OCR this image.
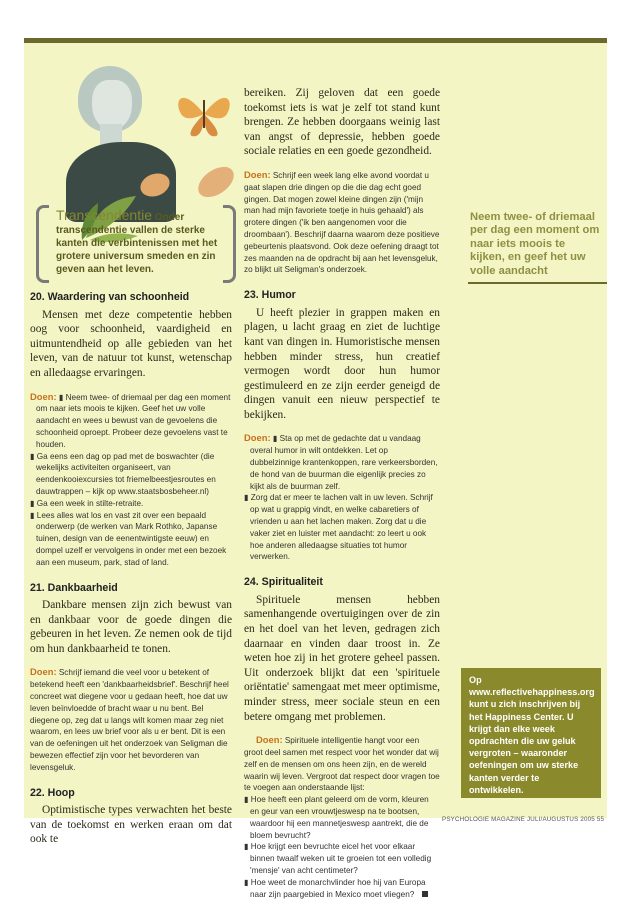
Transcendentie Onder transcendentie vallen de sterke kanten die verbintenissen met het grotere universum smeden en zin geven aan het leven.
20. Waardering van schoonheid

Mensen met deze competentie hebben oog voor schoonheid, vaardigheid en uitmuntendheid op alle gebieden van het leven, van de natuur tot kunst, wetenschap en alledaagse ervaringen.

Doen: ▮ Neem twee- of driemaal per dag een moment om naar iets moois te kijken. Geef het uw volle aandacht en wees u bewust van de gevoelens die schoonheid oproept. Probeer deze gevoelens vast te houden.

▮ Ga eens een dag op pad met de boswachter (die wekelijks activiteiten organiseert, van eendenkooiexcursies tot friemelbeestjesroutes en dauwtrappen – kijk op www.staatsbosbeheer.nl)

▮ Ga een week in stilte-retraite.

▮ Lees alles wat los en vast zit over een bepaald onderwerp (de werken van Mark Rothko, Japanse tuinen, design van de eenentwintigste eeuw) en dompel uzelf er vervolgens in onder met een bezoek aan een museum, park, stad of land.

21. Dankbaarheid

Dankbare mensen zijn zich bewust van en dankbaar voor de goede dingen die gebeuren in het leven. Ze nemen ook de tijd om hun dankbaarheid te tonen.

Doen: Schrijf iemand die veel voor u betekent of betekend heeft een 'dankbaarheidsbrief'. Beschrijf heel concreet wat diegene voor u gedaan heeft, hoe dat uw leven beïnvloedde of bracht waar u nu bent. Bel diegene op, zeg dat u langs wilt komen maar zeg niet waarom, en lees uw brief voor als u er bent. Dit is een van de oefeningen uit het onderzoek van Seligman die bewezen effectief zijn voor het bevorderen van levensgeluk.
22. Hoop

Optimistische types verwachten het beste van de toekomst en werken eraan om dat ook te

bereiken. Zij geloven dat een goede toekomst iets is wat je zelf tot stand kunt brengen. Ze hebben doorgaans weinig last van angst of depressie, hebben goede sociale relaties en een goede gezondheid.

Doen: Schrijf een week lang elke avond voordat u gaat slapen drie dingen op die die dag echt goed gingen. Dat mogen zowel kleine dingen zijn ('mijn man had mijn favoriete toetje in huis gehaald') als grotere dingen ('ik ben aangenomen voor die droombaan'). Beschrijf daarna waarom deze positieve gebeurtenis plaatsvond. Ook deze oefening draagt tot zes maanden na de opdracht bij aan het levensgeluk, zo blijkt uit Seligman's onderzoek.
23. Humor

U heeft plezier in grappen maken en plagen, u lacht graag en ziet de luchtige kant van dingen in. Humoristische mensen hebben minder stress, hun creatief vermogen wordt door hun humor gestimuleerd en ze zijn eerder geneigd de dingen vanuit een nieuw perspectief te bekijken.

Doen: ▮ Sta op met de gedachte dat u vandaag overal humor in wilt ontdekken. Let op dubbelzinnige krantenkoppen, rare verkeersborden, de hond van de buurman die eigenlijk precies zo kijkt als de buurman zelf.

▮ Zorg dat er meer te lachen valt in uw leven. Schrijf op wat u grappig vindt, en welke cabaretiers of vrienden u aan het lachen maken. Zorg dat u die vaker ziet en luister met aandacht: zo leert u ook hoe anderen alledaagse situaties tot humor verwerken.

24. Spiritualiteit

Spirituele mensen hebben samenhangende overtuigingen over de zin en het doel van het leven, gedragen zich daarnaar en vinden daar troost in. Ze weten hoe zij in het grotere geheel passen. Uit onderzoek blijkt dat een 'spirituele oriëntatie' samengaat met meer optimisme, minder stress, meer sociale steun en een betere omgang met problemen.

Doen: Spirituele intelligentie hangt voor een groot deel samen met respect voor het wonder dat wij zelf en de mensen om ons heen zijn, en de wereld waarin wij leven. Vergroot dat respect door vragen toe te voegen aan onderstaande lijst:

▮ Hoe heeft een plant geleerd om de vorm, kleuren en geur van een vrouwtjeswesp na te bootsen, waardoor hij een mannetjeswesp aantrekt, die de bloem bevrucht?

▮ Hoe krijgt een bevruchte eicel het voor elkaar binnen twaalf weken uit te groeien tot een volledig 'mensje' van acht centimeter?

▮ Hoe weet de monarchvlinder hoe hij van Europa naar zijn paargebied in Mexico moet vliegen?

Neem twee- of driemaal per dag een moment om naar iets moois te kijken, en geef het uw volle aandacht
Op www.reflectivehappiness.org kunt u zich inschrijven bij het Happiness Center. U krijgt dan elke week opdrachten die uw geluk vergroten – waaronder oefeningen om uw sterke kanten verder te ontwikkelen.
PSYCHOLOGIE MAGAZINE JULI/AUGUSTUS 2005 55
